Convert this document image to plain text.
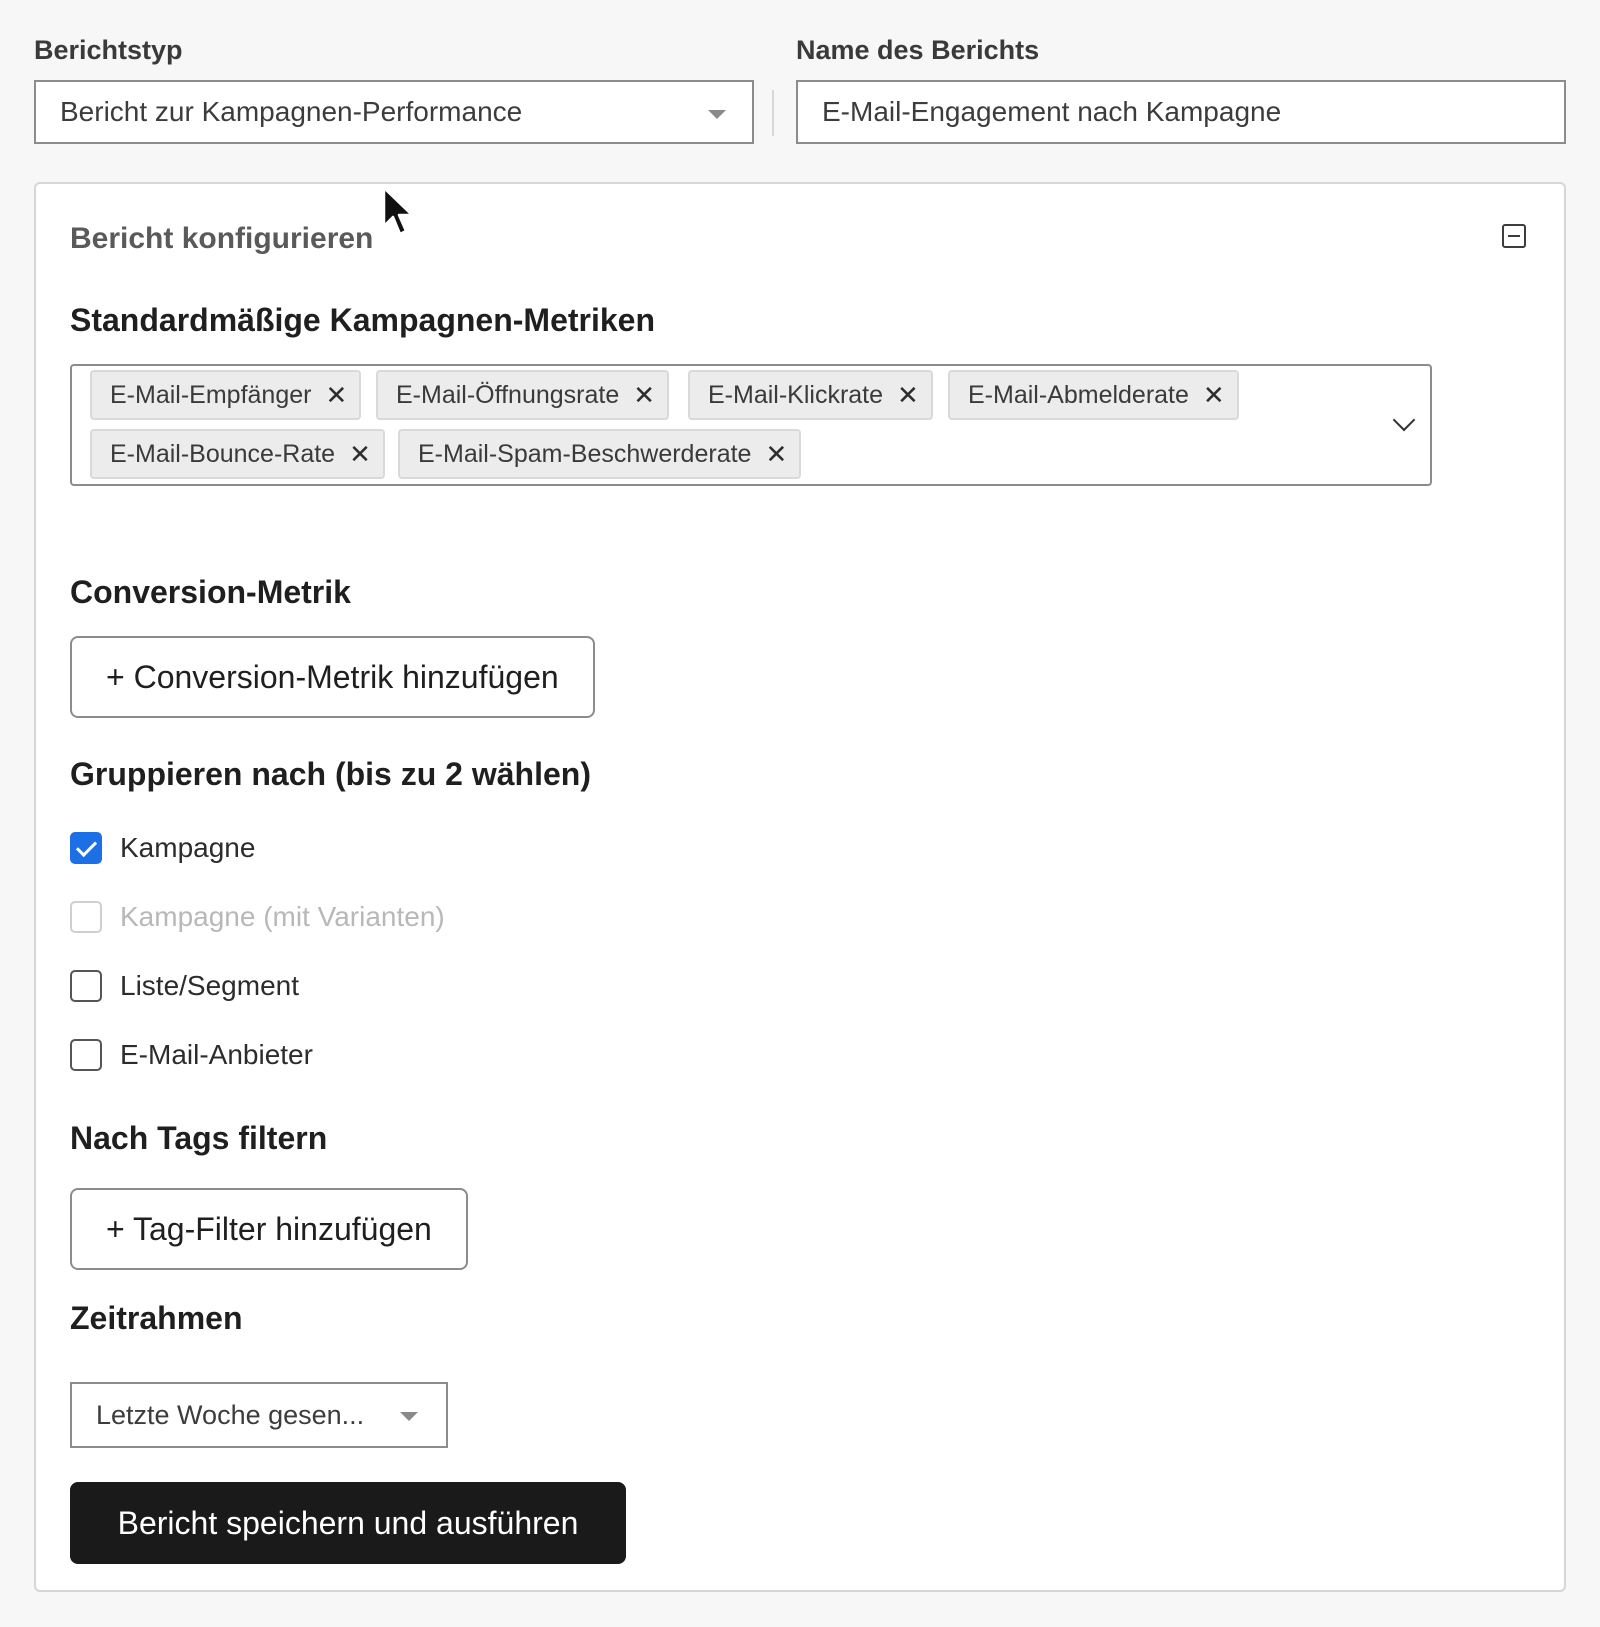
Berichtstyp
Bericht zur Kampagnen-Performance
Name des Berichts
E-Mail-Engagement nach Kampagne
Bericht konfigurieren
Standardmäßige Kampagnen-Metriken
E-Mail-Empfänger ✕ E-Mail-Öffnungsrate ✕ E-Mail-Klickrate ✕ E-Mail-Abmelderate ✕
E-Mail-Bounce-Rate ✕ E-Mail-Spam-Beschwerderate ✕
Conversion-Metrik
+ Conversion-Metrik hinzufügen
Gruppieren nach (bis zu 2 wählen)
Kampagne
Kampagne (mit Varianten)
Liste/Segment
E-Mail-Anbieter
Nach Tags filtern
+ Tag-Filter hinzufügen
Zeitrahmen
Letzte Woche gesen...
Bericht speichern und ausführen
